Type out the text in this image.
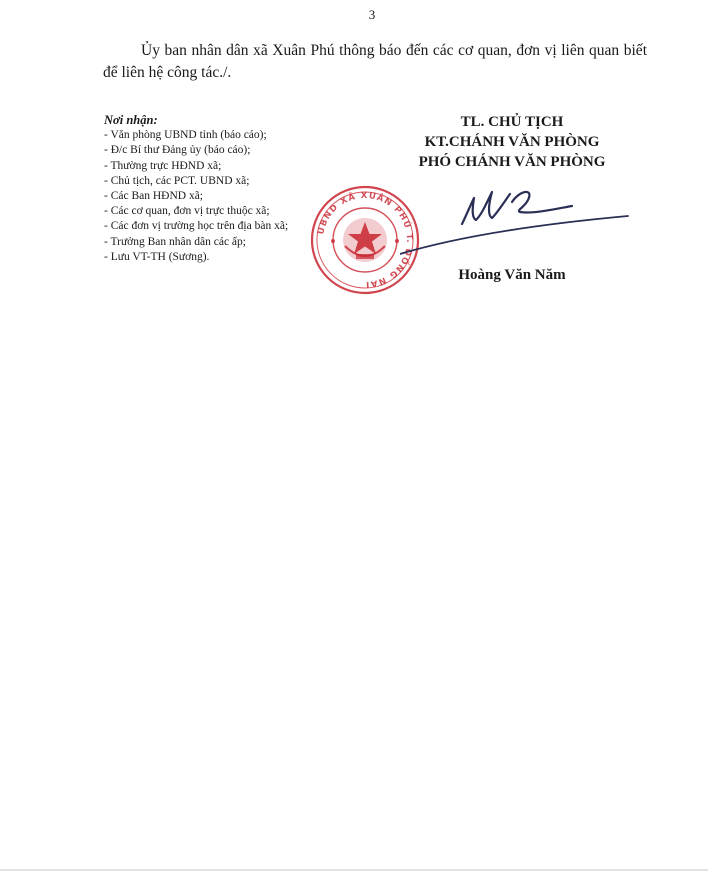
3
Ủy ban nhân dân xã Xuân Phú thông báo đến các cơ quan, đơn vị liên quan biết để liên hệ công tác./.
Nơi nhận:
- Văn phòng UBND tỉnh (báo cáo);
- Đ/c Bí thư Đảng ủy (báo cáo);
- Thường trực HĐND xã;
- Chủ tịch, các PCT. UBND xã;
- Các Ban HĐND xã;
- Các cơ quan, đơn vị trực thuộc xã;
- Các đơn vị trường học trên địa bàn xã;
- Trưởng Ban nhân dân các ấp;
- Lưu VT-TH (Sương).
TL. CHỦ TỊCH
KT.CHÁNH VĂN PHÒNG
PHÓ CHÁNH VĂN PHÒNG
UBND XÃ XUÂN PHÚ T. ĐỒNG NAI
Hoàng Văn Năm
